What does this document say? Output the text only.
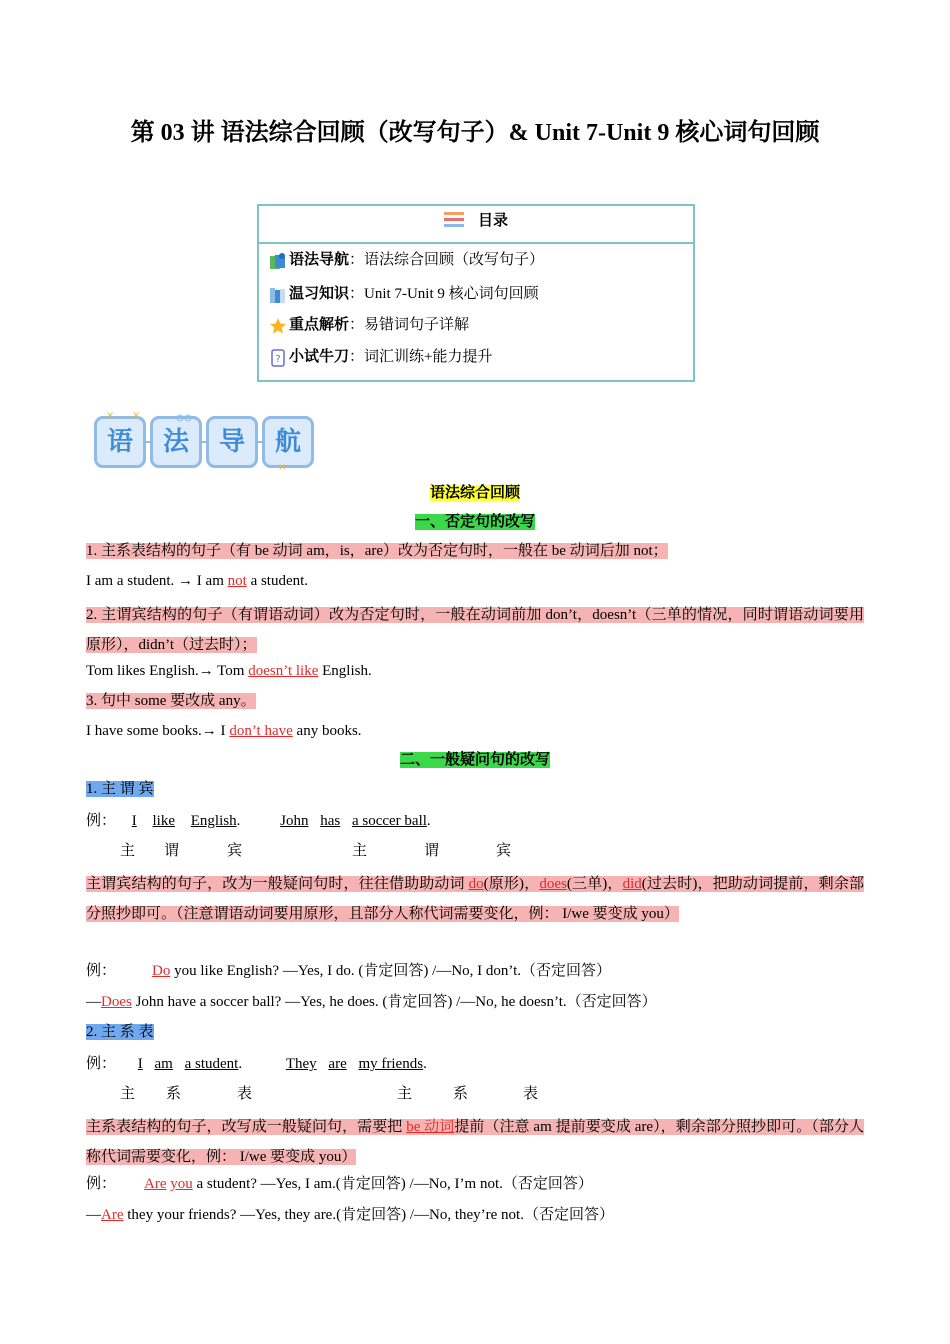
第 03 讲 语法综合回顾（改写句子）& Unit 7-Unit 9 核心词句回顾
目录
语法导航：语法综合回顾（改写句子）
温习知识：Unit 7-Unit 9 核心词句回顾
重点解析：易错词句子详解
? 小试牛刀：词汇训练+能力提升
语	法	导	航
× ×
×
语法综合回顾
一、否定句的改写
1. 主系表结构的句子（有 be 动词 am，is，are）改为否定句时，一般在 be 动词后加 not；
I am a student. → I am not a student.
2. 主谓宾结构的句子（有谓语动词）改为否定句时，一般在动词前加 don’t，doesn’t（三单的情况，同时谓语动词要用原形），didn’t（过去时）；
Tom likes English.→ Tom doesn’t like English.
3. 句中 some 要改成 any。
I have some books.→ I don’t have any books.
二、一般疑问句的改写
1. 主 谓 宾
例： I like English. John has a soccer ball.
主 谓	宾	主	谓	宾
主谓宾结构的句子，改为一般疑问句时，往往借助助动词 do(原形)，does(三单)，did(过去时)，把助动词提前，剩余部分照抄即可。（注意谓语动词要用原形，且部分人称代词需要变化，例： I/we 要变成 you）
例： Do you like English? —Yes, I do. (肯定回答) /—No, I don’t.（否定回答）
—Does John have a soccer ball? —Yes, he does. (肯定回答) /—No, he doesn’t.（否定回答）
2. 主 系 表
例： I am a student.	They are my friends.
主 系	表	主	系	表
主系表结构的句子，改写成一般疑问句，需要把 be 动词提前（注意 am 提前要变成 are），剩余部分照抄即可。（部分人称代词需要变化，例： I/we 要变成 you）
例： Are you a student? —Yes, I am.(肯定回答) /—No, I’m not.（否定回答）
—Are they your friends? —Yes, they are.(肯定回答) /—No, they’re not.（否定回答）
